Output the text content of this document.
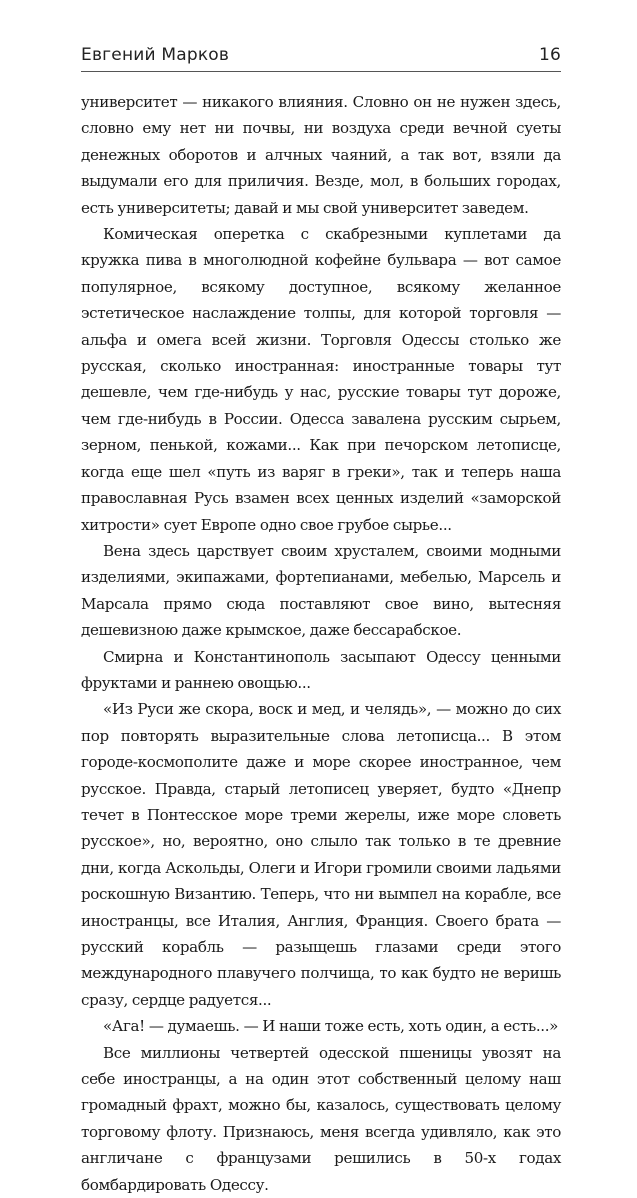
Евгений Марков	16

университет — никакого влияния. Словно он не нужен здесь, словно ему нет ни почвы, ни воздуха среди вечной суеты денежных оборотов и алчных чаяний, а так вот, взяли да выдумали его для приличия. Везде, мол, в больших городах, есть университеты; давай и мы свой университет заведем.

Комическая оперетка с скабрезными куплетами да кружка пива в многолюдной кофейне бульвара — вот самое популярное, всякому доступное, всякому желанное эстетическое наслаждение толпы, для которой торговля — альфа и омега всей жизни. Торговля Одессы столько же русская, сколько иностранная: иностранные товары тут дешевле, чем где-нибудь у нас, русские товары тут дороже, чем где-нибудь в России. Одесса завалена русским сырьем, зерном, пенькой, кожами... Как при печорском летописце, когда еще шел «путь из варяг в греки», так и теперь наша православная Русь взамен всех ценных изделий «заморской хитрости» сует Европе одно свое грубое сырье...

Вена здесь царствует своим хрусталем, своими модными изделиями, экипажами, фортепианами, мебелью, Марсель и Марсала прямо сюда поставляют свое вино, вытесняя дешевизною даже крымское, даже бессарабское.

Смирна и Константинополь засыпают Одессу ценными фруктами и раннею овощью...

«Из Руси же скора, воск и мед, и челядь», — можно до сих пор повторять выразительные слова летописца... В этом городе-космополите даже и море скорее иностранное, чем русское. Правда, старый летописец уверяет, будто «Днепр течет в Понтесское море треми жерелы, иже море словеть русское», но, вероятно, оно слыло так только в те древние дни, когда Аскольды, Олеги и Игори громили своими ладьями роскошную Византию. Теперь, что ни вымпел на корабле, все иностранцы, все Италия, Англия, Франция. Своего брата — русский корабль — разыщешь глазами среди этого международного плавучего полчища, то как будто не веришь сразу, сердце радуется...

«Ага! — думаешь. — И наши тоже есть, хоть один, а есть...»

Все миллионы четвертей одесской пшеницы увозят на себе иностранцы, а на один этот собственный целому наш громадный фрахт, можно бы, казалось, существовать целому торговому флоту. Признаюсь, меня всегда удивляло, как это англичане с французами решились в 50-х годах бомбардировать Одессу.
